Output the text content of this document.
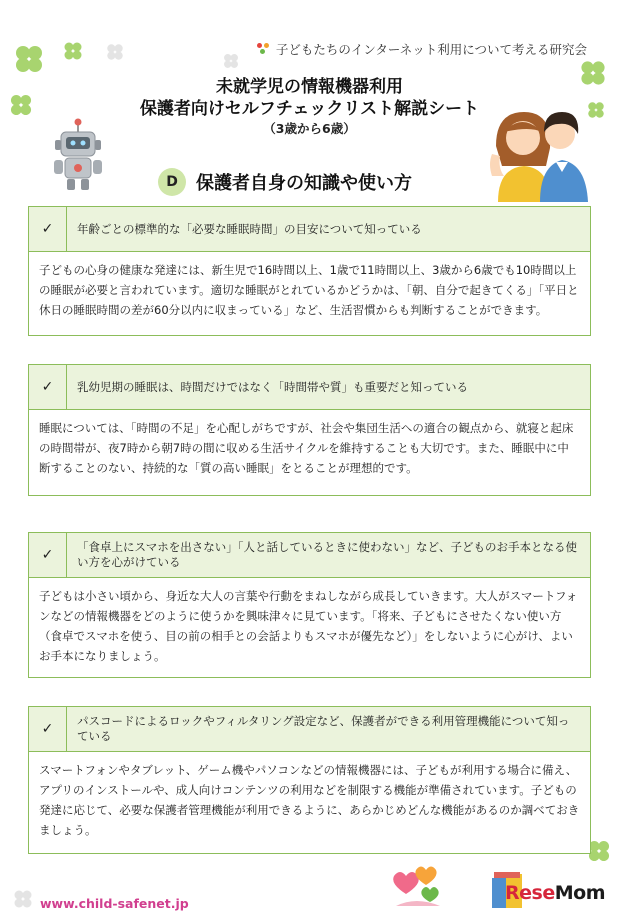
子どもたちのインターネット利用について考える研究会
未就学児の情報機器利用
保護者向けセルフチェックリスト解説シート
（3歳から6歳）
D	保護者自身の知識や使い方
✓	年齢ごとの標準的な「必要な睡眠時間」の目安について知っている
子どもの心身の健康な発達には、新生児で16時間以上、1歳で11時間以上、3歳から6歳でも10時間以上の睡眠が必要と言われています。適切な睡眠がとれているかどうかは、「朝、自分で起きてくる」「平日と休日の睡眠時間の差が60分以内に収まっている」など、生活習慣からも判断することができます。
✓	乳幼児期の睡眠は、時間だけではなく「時間帯や質」も重要だと知っている
睡眠については、「時間の不足」を心配しがちですが、社会や集団生活への適合の観点から、就寝と起床の時間帯が、夜7時から朝7時の間に収める生活サイクルを維持することも大切です。また、睡眠中に中断することのない、持続的な「質の高い睡眠」をとることが理想的です。
✓	「食卓上にスマホを出さない」「人と話しているときに使わない」など、子どものお手本となる使い方を心がけている
子どもは小さい頃から、身近な大人の言葉や行動をまねしながら成長していきます。大人がスマートフォンなどの情報機器をどのように使うかを興味津々に見ています。「将来、子どもにさせたくない使い方（食卓でスマホを使う、目の前の相手との会話よりもスマホが優先など）」をしないように心がけ、よいお手本になりましょう。
✓	パスコードによるロックやフィルタリング設定など、保護者ができる利用管理機能について知っている
スマートフォンやタブレット、ゲーム機やパソコンなどの情報機器には、子どもが利用する場合に備え、アプリのインストールや、成人向けコンテンツの利用などを制限する機能が準備されています。子どもの発達に応じて、必要な保護者管理機能が利用できるように、あらかじめどんな機能があるのか調べておきましょう。
www.child-safenet.jp	ReseMom
